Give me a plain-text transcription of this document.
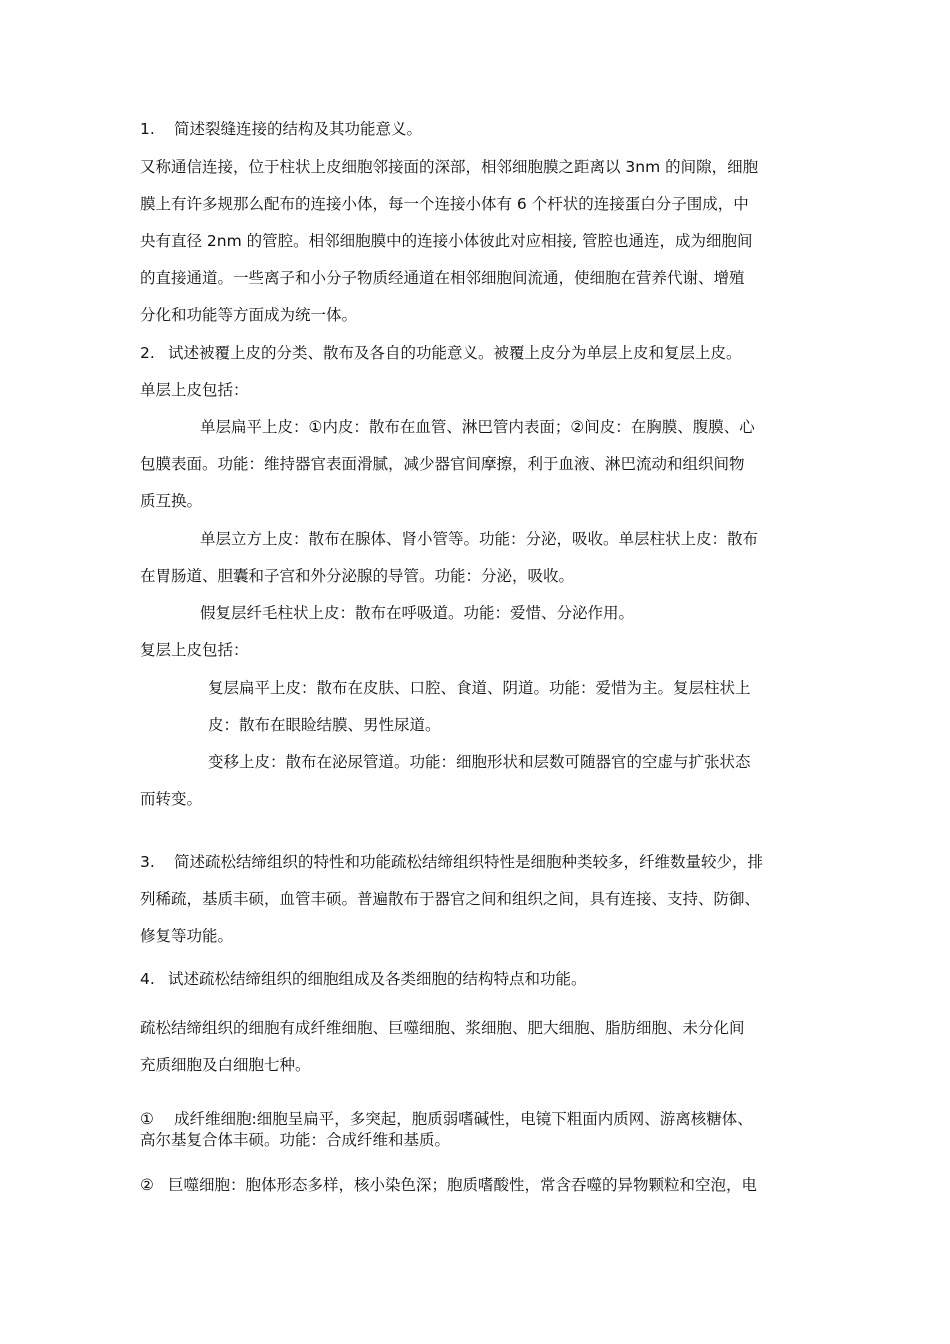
1. 简述裂缝连接的结构及其功能意义。
又称通信连接，位于柱状上皮细胞邻接面的深部，相邻细胞膜之距离以 3nm 的间隙，细胞
膜上有许多规那么配布的连接小体，每一个连接小体有 6 个杆状的连接蛋白分子围成，中
央有直径 2nm 的管腔。相邻细胞膜中的连接小体彼此对应相接, 管腔也通连，成为细胞间
的直接通道。一些离子和小分子物质经通道在相邻细胞间流通，使细胞在营养代谢、增殖
分化和功能等方面成为统一体。
2. 试述被覆上皮的分类、散布及各自的功能意义。被覆上皮分为单层上皮和复层上皮。
单层上皮包括：
单层扁平上皮：①内皮：散布在血管、淋巴管内表面；②间皮：在胸膜、腹膜、心
包膜表面。功能：维持器官表面滑腻，减少器官间摩擦，利于血液、淋巴流动和组织间物
质互换。
单层立方上皮：散布在腺体、肾小管等。功能：分泌，吸收。单层柱状上皮：散布
在胃肠道、胆囊和子宫和外分泌腺的导管。功能：分泌，吸收。
假复层纤毛柱状上皮：散布在呼吸道。功能：爱惜、分泌作用。
复层上皮包括：
复层扁平上皮：散布在皮肤、口腔、食道、阴道。功能：爱惜为主。复层柱状上
皮：散布在眼睑结膜、男性尿道。
变移上皮：散布在泌尿管道。功能：细胞形状和层数可随器官的空虚与扩张状态
而转变。
3. 简述疏松结缔组织的特性和功能疏松结缔组织特性是细胞种类较多，纤维数量较少，排
列稀疏，基质丰硕，血管丰硕。普遍散布于器官之间和组织之间，具有连接、支持、防御、
修复等功能。
4. 试述疏松结缔组织的细胞组成及各类细胞的结构特点和功能。
疏松结缔组织的细胞有成纤维细胞、巨噬细胞、浆细胞、肥大细胞、脂肪细胞、未分化间
充质细胞及白细胞七种。
① 成纤维细胞:细胞呈扁平，多突起，胞质弱嗜碱性，电镜下粗面内质网、游离核糖体、
高尔基复合体丰硕。功能：合成纤维和基质。
② 巨噬细胞：胞体形态多样，核小染色深；胞质嗜酸性，常含吞噬的异物颗粒和空泡，电
